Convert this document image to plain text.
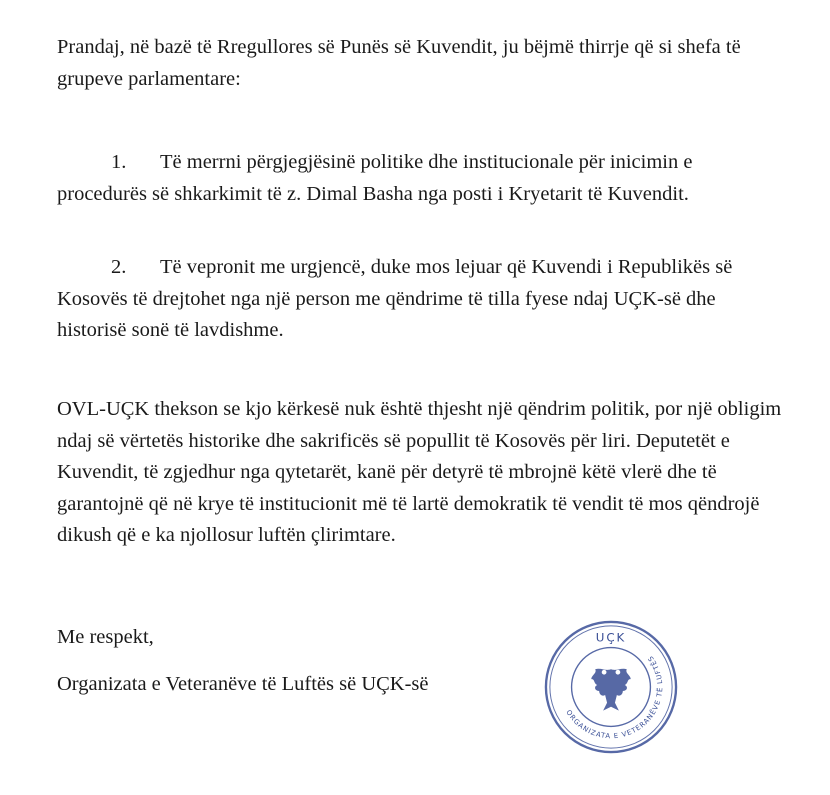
Prandaj, në bazë të Rregullores së Punës së Kuvendit, ju bëjmë thirrje që si shefa të grupeve parlamentare:

1. Të merrni përgjegjësinë politike dhe institucionale për inicimin e procedurës së shkarkimit të z. Dimal Basha nga posti i Kryetarit të Kuvendit.

2. Të vepronit me urgjencë, duke mos lejuar që Kuvendi i Republikës së Kosovës të drejtohet nga një person me qëndrime të tilla fyese ndaj UÇK-së dhe historisë sonë të lavdishme.

OVL-UÇK thekson se kjo kërkesë nuk është thjesht një qëndrim politik, por një obligim ndaj së vërtetës historike dhe sakrificës së popullit të Kosovës për liri. Deputetët e Kuvendit, të zgjedhur nga qytetarët, kanë për detyrë të mbrojnë këtë vlerë dhe të garantojnë që në krye të institucionit më të lartë demokratik të vendit të mos qëndrojë dikush që e ka njollosur luftën çlirimtare.

Me respekt,

Organizata e Veteranëve të Luftës së UÇK-së

UÇK
ORGANIZATA E VETERANËVE TË LUFTËS
